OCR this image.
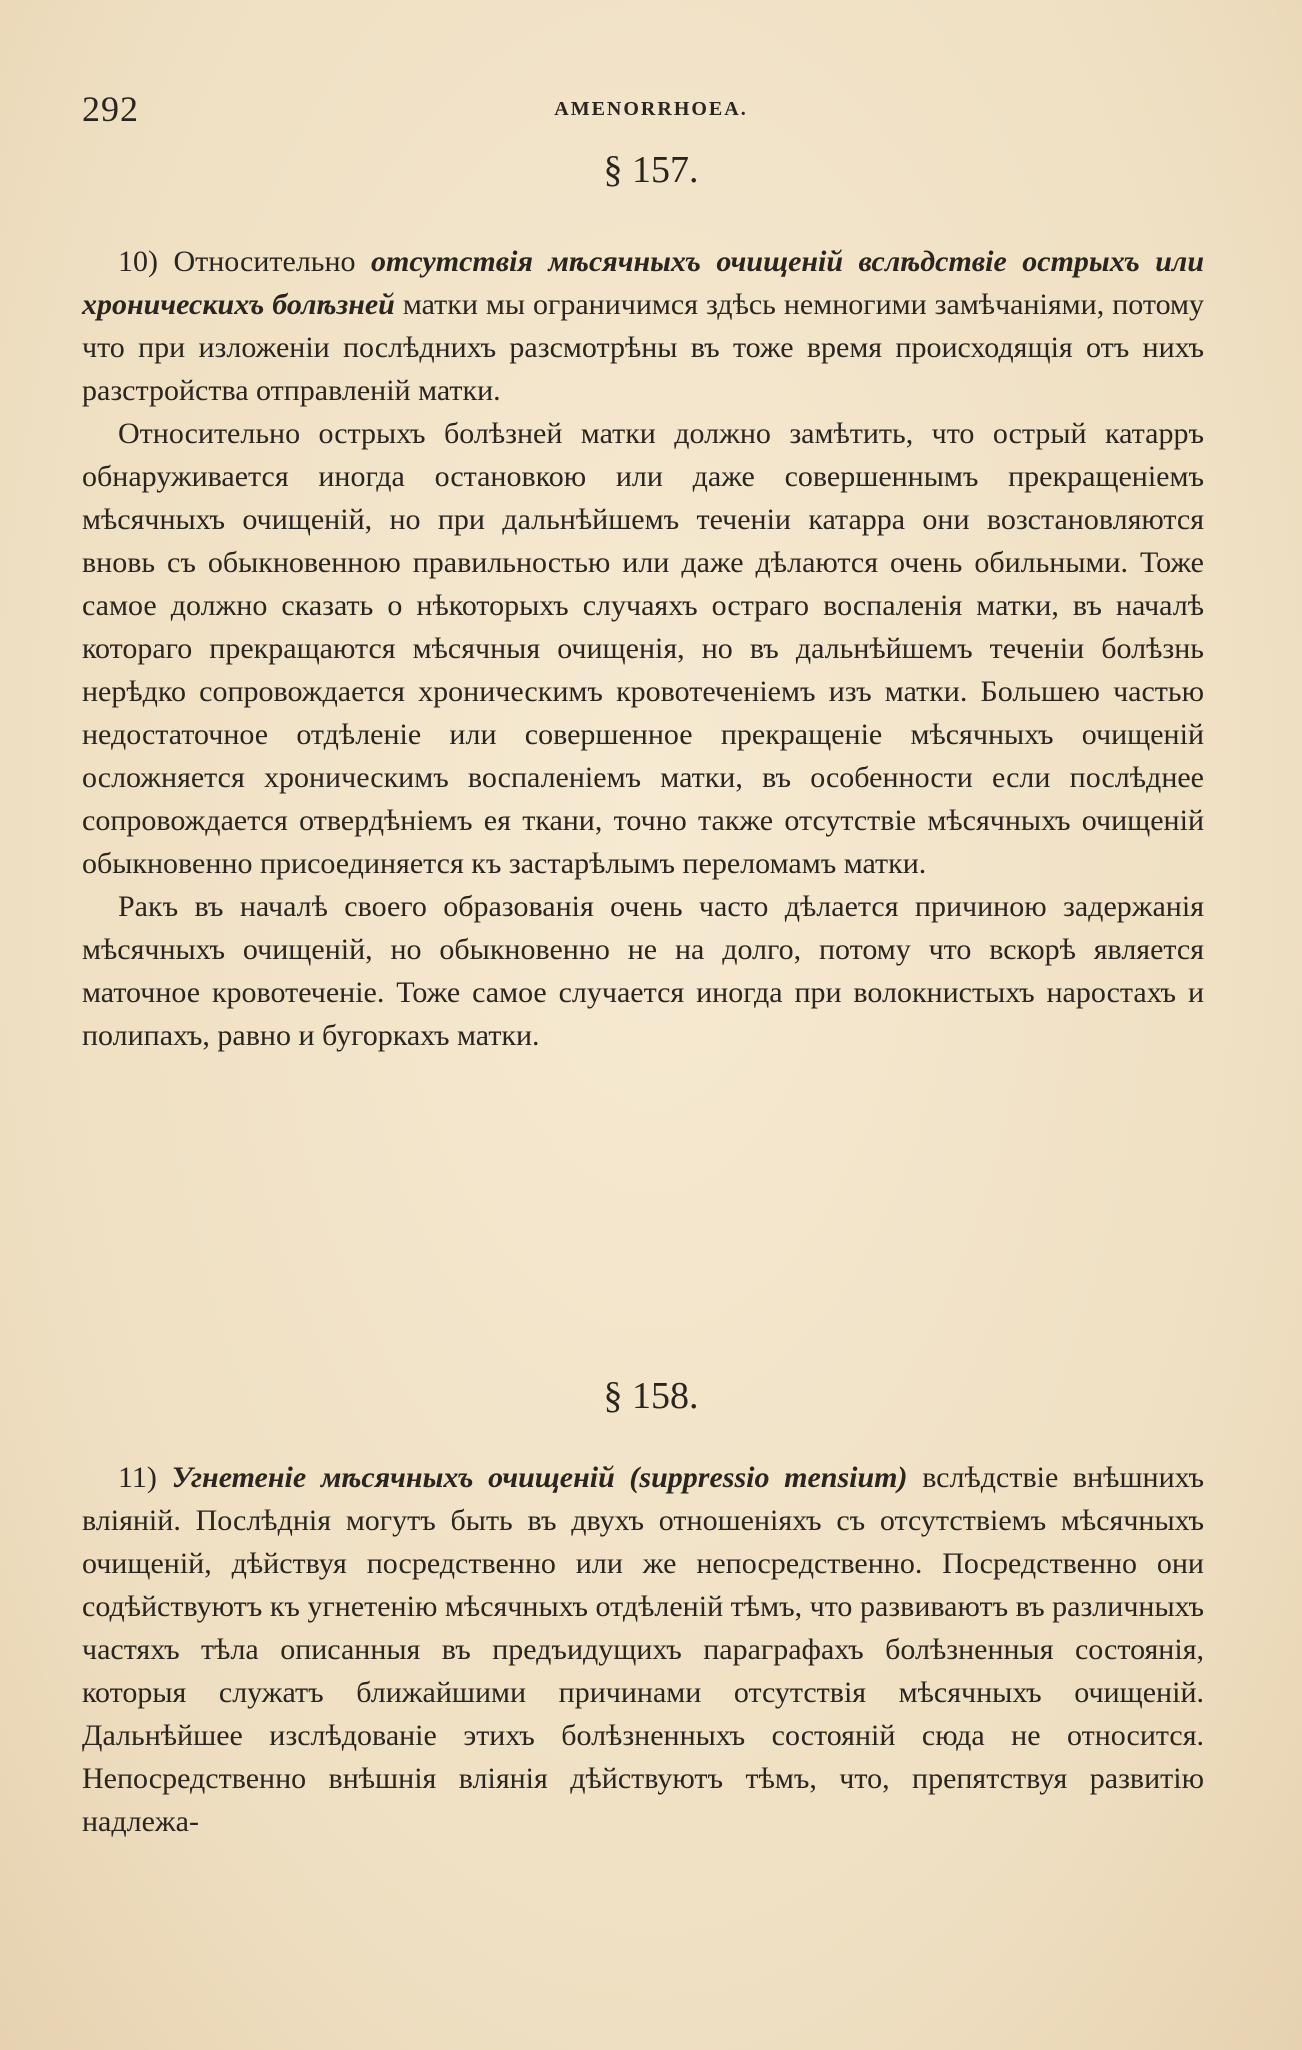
292	AMENORRHOEA.
§ 157.

10) Относительно отсутствія мѣсячныхъ очищеній вслѣдствіе острыхъ или хроническихъ болѣзней матки мы ограничимся здѣсь немногими замѣчаніями, потому что при изложеніи послѣднихъ разсмотрѣны въ тоже время происходящія отъ нихъ разстройства отправленій матки.

Относительно острыхъ болѣзней матки должно замѣтить, что острый катарръ обнаруживается иногда остановкою или даже совершеннымъ прекращеніемъ мѣсячныхъ очищеній, но при дальнѣйшемъ теченіи катарра они возстановляются вновь съ обыкновенною правильностью или даже дѣлаются очень обильными. Тоже самое должно сказать о нѣкоторыхъ случаяхъ остраго воспаленія матки, въ началѣ котораго прекращаются мѣсячныя очищенія, но въ дальнѣйшемъ теченіи болѣзнь нерѣдко сопровождается хроническимъ кровотеченіемъ изъ матки. Большею частью недостаточное отдѣленіе или совершенное прекращеніе мѣсячныхъ очищеній осложняется хроническимъ воспаленіемъ матки, въ особенности если послѣднее сопровождается отвердѣніемъ ея ткани, точно также отсутствіе мѣсячныхъ очищеній обыкновенно присоединяется къ застарѣлымъ переломамъ матки.

Ракъ въ началѣ своего образованія очень часто дѣлается причиною задержанія мѣсячныхъ очищеній, но обыкновенно не на долго, потому что вскорѣ является маточное кровотеченіе. Тоже самое случается иногда при волокнистыхъ наростахъ и полипахъ, равно и бугоркахъ матки.

§ 158.

11) Угнетеніе мѣсячныхъ очищеній (suppressio mensium) вслѣдствіе внѣшнихъ вліяній. Послѣднія могутъ быть въ двухъ отношеніяхъ съ отсутствіемъ мѣсячныхъ очищеній, дѣйствуя посредственно или же непосредственно. Посредственно они содѣйствуютъ къ угнетенію мѣсячныхъ отдѣленій тѣмъ, что развиваютъ въ различныхъ частяхъ тѣла описанныя въ предъидущихъ параграфахъ болѣзненныя состоянія, которыя служатъ ближайшими причинами отсутствія мѣсячныхъ очищеній. Дальнѣйшее изслѣдованіе этихъ болѣзненныхъ состояній сюда не относится. Непосредственно внѣшнія вліянія дѣйствуютъ тѣмъ, что, препятствуя развитію надлежа-
